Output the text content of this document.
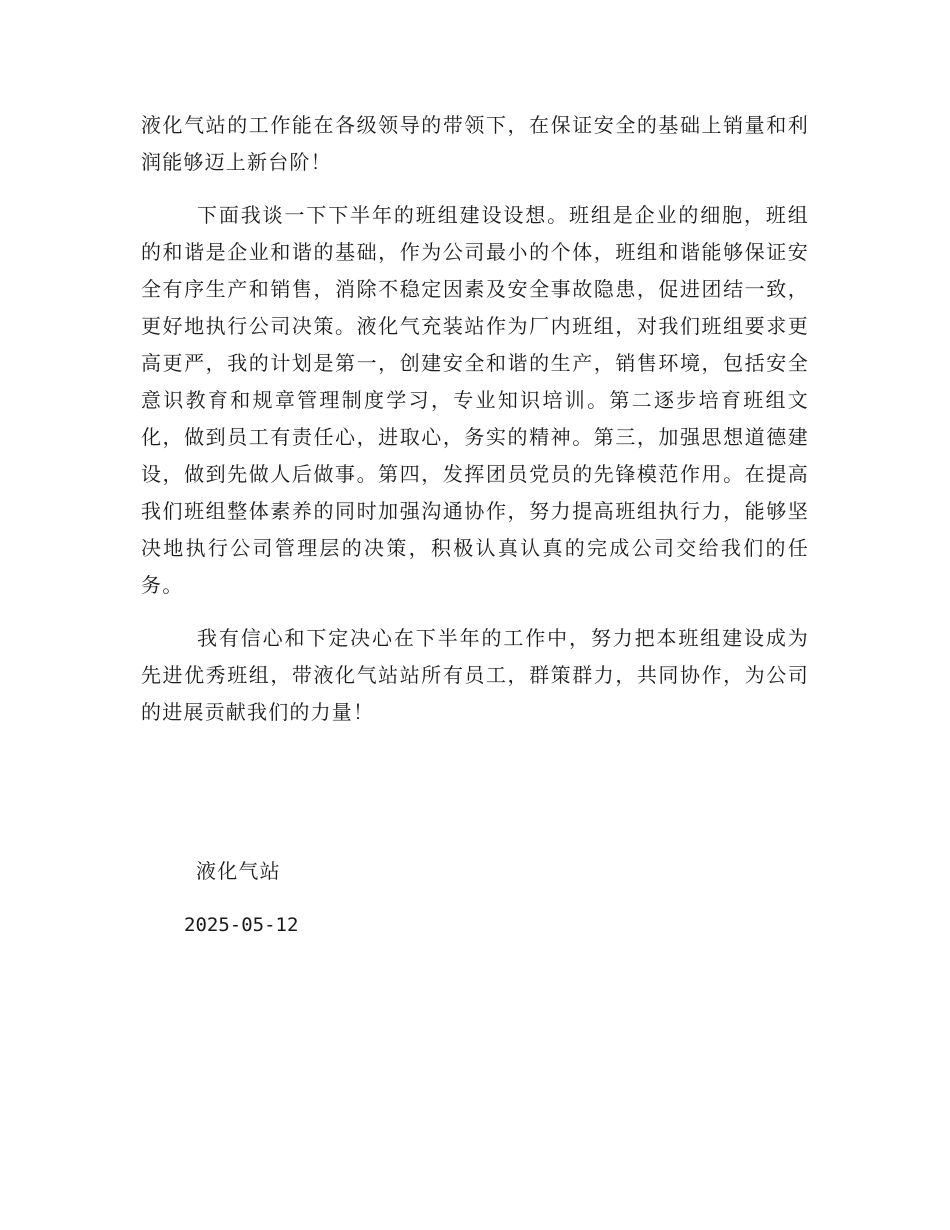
液化气站的工作能在各级领导的带领下，在保证安全的基础上销量和利润能够迈上新台阶！

下面我谈一下下半年的班组建设设想。班组是企业的细胞，班组的和谐是企业和谐的基础，作为公司最小的个体，班组和谐能够保证安全有序生产和销售，消除不稳定因素及安全事故隐患，促进团结一致，更好地执行公司决策。液化气充装站作为厂内班组，对我们班组要求更高更严，我的计划是第一，创建安全和谐的生产，销售环境，包括安全意识教育和规章管理制度学习，专业知识培训。第二逐步培育班组文化，做到员工有责任心，进取心，务实的精神。第三，加强思想道德建设，做到先做人后做事。第四，发挥团员党员的先锋模范作用。在提高我们班组整体素养的同时加强沟通协作，努力提高班组执行力，能够坚决地执行公司管理层的决策，积极认真认真的完成公司交给我们的任务。

我有信心和下定决心在下半年的工作中，努力把本班组建设成为先进优秀班组，带液化气站站所有员工，群策群力，共同协作，为公司的进展贡献我们的力量！

液化气站
2025-05-12
